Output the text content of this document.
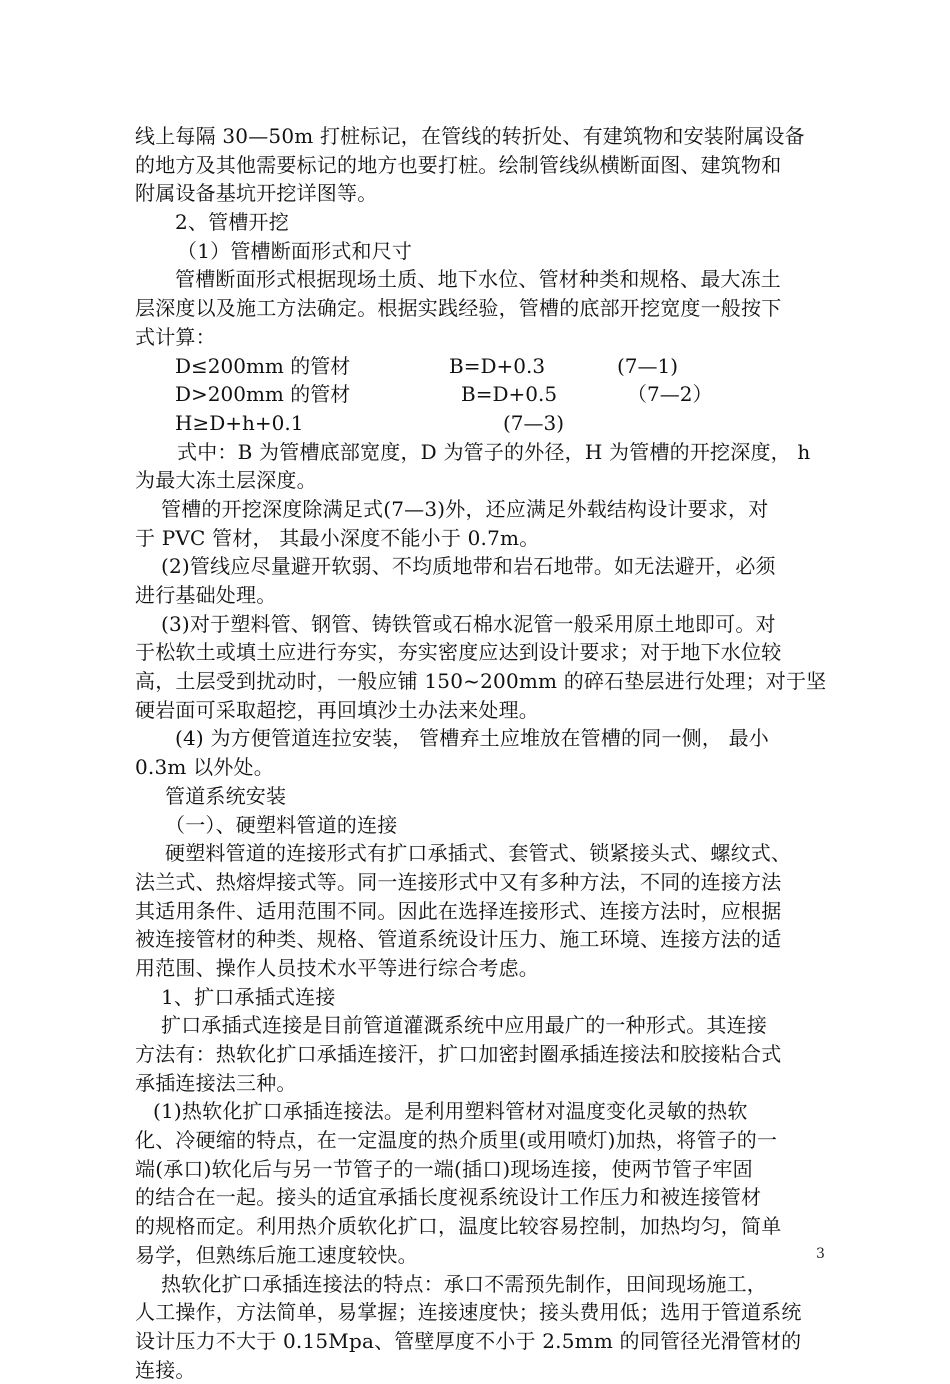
线上每隔 30—50m 打桩标记，在管线的转折处、有建筑物和安装附属设备
的地方及其他需要标记的地方也要打桩。绘制管线纵横断面图、建筑物和
附属设备基坑开挖详图等。
2、管槽开挖
（1）管槽断面形式和尺寸
管槽断面形式根据现场土质、地下水位、管材种类和规格、最大冻土
层深度以及施工方法确定。根据实践经验，管槽的底部开挖宽度一般按下
式计算：
D≤200mm 的管材	B=D+0.3	(7—1)
D>200mm 的管材	B=D+0.5	（7—2）
H≥D+h+0.1	(7—3)
式中：B 为管槽底部宽度，D 为管子的外径，H 为管槽的开挖深度， h
为最大冻土层深度。
管槽的开挖深度除满足式(7—3)外，还应满足外载结构设计要求，对
于 PVC 管材， 其最小深度不能小于 0.7m。
(2)管线应尽量避开软弱、不均质地带和岩石地带。如无法避开，必须
进行基础处理。
(3)对于塑料管、钢管、铸铁管或石棉水泥管一般采用原土地即可。对
于松软土或填土应进行夯实，夯实密度应达到设计要求；对于地下水位较
高，土层受到扰动时，一般应铺 150~200mm 的碎石垫层进行处理；对于坚
硬岩面可采取超挖，再回填沙土办法来处理。
(4) 为方便管道连拉安装， 管槽弃土应堆放在管槽的同一侧， 最小
0.3m 以外处。
管道系统安装
（一）、硬塑料管道的连接
硬塑料管道的连接形式有扩口承插式、套管式、锁紧接头式、螺纹式、
法兰式、热熔焊接式等。同一连接形式中又有多种方法，不同的连接方法
其适用条件、适用范围不同。因此在选择连接形式、连接方法时，应根据
被连接管材的种类、规格、管道系统设计压力、施工环境、连接方法的适
用范围、操作人员技术水平等进行综合考虑。
1、扩口承插式连接
扩口承插式连接是目前管道灌溉系统中应用最广的一种形式。其连接
方法有：热软化扩口承插连接汗，扩口加密封圈承插连接法和胶接粘合式
承插连接法三种。
(1)热软化扩口承插连接法。是利用塑料管材对温度变化灵敏的热软
化、冷硬缩的特点，在一定温度的热介质里(或用喷灯)加热，将管子的一
端(承口)软化后与另一节管子的一端(插口)现场连接，使两节管子牢固
的结合在一起。接头的适宜承插长度视系统设计工作压力和被连接管材
的规格而定。利用热介质软化扩口，温度比较容易控制，加热均匀，简单
易学，但熟练后施工速度较快。
热软化扩口承插连接法的特点：承口不需预先制作，田间现场施工，
人工操作，方法简单，易掌握；连接速度快；接头费用低；选用于管道系统
设计压力不大于 0.15Mpa、管壁厚度不小于 2.5mm 的同管径光滑管材的
连接。
3
